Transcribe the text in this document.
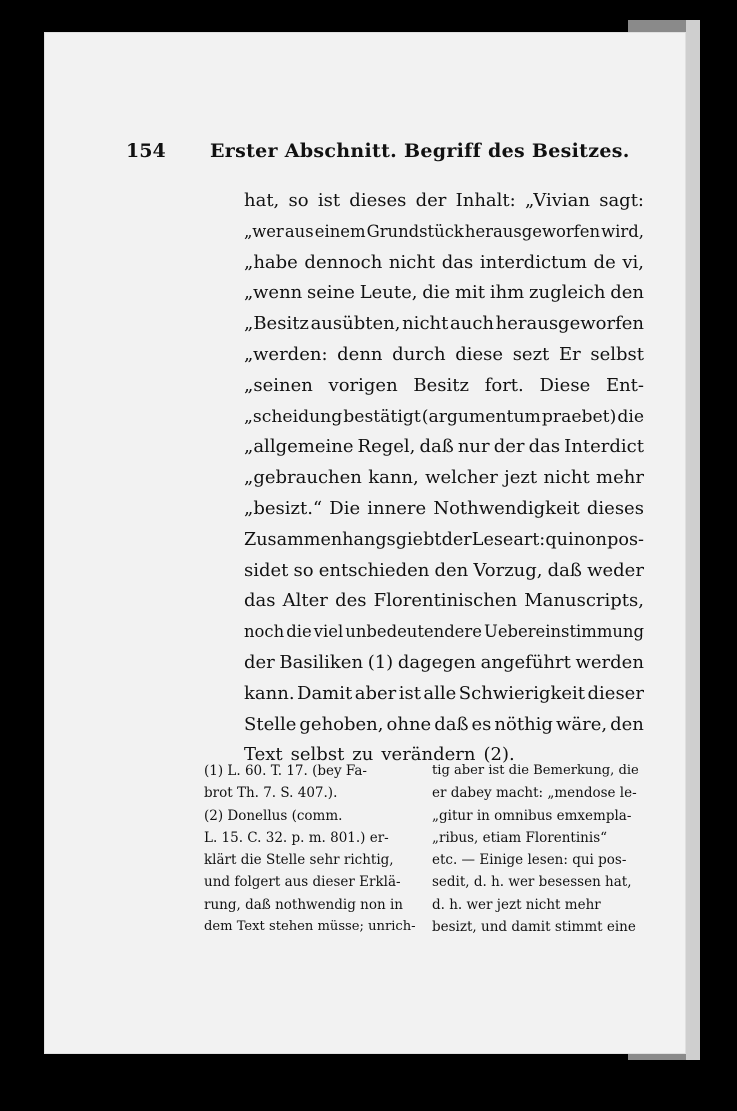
154 Erster Abschnitt. Begriff des Besitzes.
hat, so ist dieses der Inhalt: „Vivian sagt:
„wer aus einem Grundstück herausgeworfen wird,
„habe dennoch nicht das interdictum de vi,
„wenn seine Leute, die mit ihm zugleich den
„Besitz ausübten, nicht auch herausgeworfen
„werden: denn durch diese sezt Er selbst
„seinen vorigen Besitz fort. Diese Ent-
„scheidung bestätigt (argumentum praebet) die
„allgemeine Regel, daß nur der das Interdict
„gebrauchen kann, welcher jezt nicht mehr
„besizt.“ Die innere Nothwendigkeit dieses
Zusammenhangs giebt der Leseart: qui non pos-
sidet so entschieden den Vorzug, daß weder
das Alter des Florentinischen Manuscripts,
noch die viel unbedeutendere Uebereinstimmung
der Basiliken (1) dagegen angeführt werden
kann. Damit aber ist alle Schwierigkeit dieser
Stelle gehoben, ohne daß es nöthig wäre, den
Text selbst zu verändern (2).
(1) L. 60. T. 17. (bey Fa-
brot Th. 7. S. 407.).
(2) Donellus (comm.
L. 15. C. 32. p. m. 801.) er-
klärt die Stelle sehr richtig,
und folgert aus dieser Erklä-
rung, daß nothwendig non in
dem Text stehen müsse; unrich-
tig aber ist die Bemerkung, die
er dabey macht: „mendose le-
„gitur in omnibus emxempla-
„ribus, etiam Florentinis“
etc. — Einige lesen: qui pos-
sedit, d. h. wer besessen hat,
d. h. wer jezt nicht mehr
besizt, und damit stimmt eine
